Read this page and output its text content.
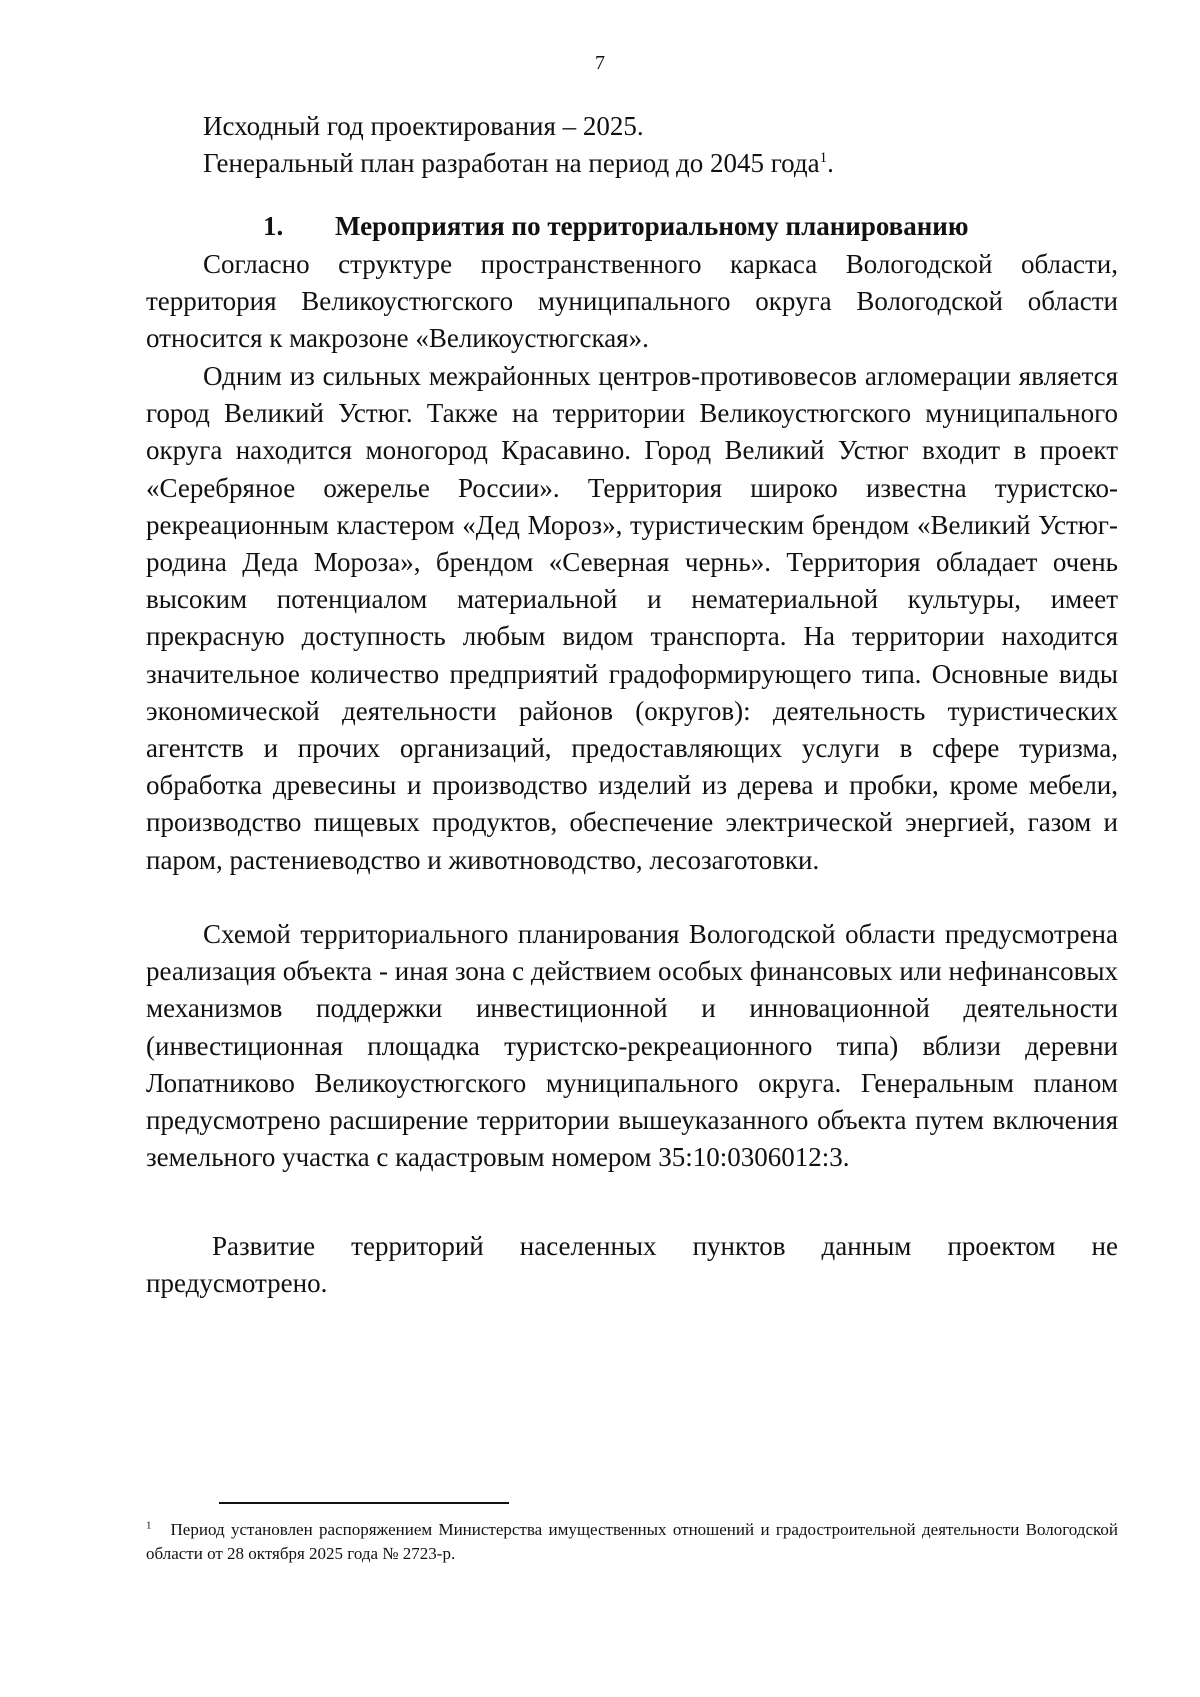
7

Исходный год проектирования – 2025.

Генеральный план разработан на период до 2045 года$^1$.

1.	Мероприятия по территориальному планированию

Согласно структуре пространственного каркаса Вологодской области, территория Великоустюгского муниципального округа Вологодской области относится к макрозоне «Великоустюгская».

Одним из сильных межрайонных центров-противовесов агломерации является город Великий Устюг. Также на территории Великоустюгского муниципального округа находится моногород Красавино. Город Великий Устюг входит в проект «Серебряное ожерелье России». Территория широко известна туристско-рекреационным кластером «Дед Мороз», туристическим брендом «Великий Устюг-родина Деда Мороза», брендом «Северная чернь». Территория обладает очень высоким потенциалом материальной и нематериальной культуры, имеет прекрасную доступность любым видом транспорта. На территории находится значительное количество предприятий градоформирующего типа. Основные виды экономической деятельности районов (округов): деятельность туристических агентств и прочих организаций, предоставляющих услуги в сфере туризма, обработка древесины и производство изделий из дерева и пробки, кроме мебели, производство пищевых продуктов, обеспечение электрической энергией, газом и паром, растениеводство и животноводство, лесозаготовки.

Схемой территориального планирования Вологодской области предусмотрена реализация объекта - иная зона с действием особых финансовых или нефинансовых механизмов поддержки инвестиционной и инновационной деятельности (инвестиционная площадка туристско-рекреационного типа) вблизи деревни Лопатниково Великоустюгского муниципального округа. Генеральным планом предусмотрено расширение территории вышеуказанного объекта путем включения земельного участка с кадастровым номером 35:10:0306012:3.

Развитие территорий населенных пунктов данным проектом не предусмотрено.

$^1$ Период установлен распоряжением Министерства имущественных отношений и градостроительной деятельности Вологодской области от 28 октября 2025 года № 2723-р.
